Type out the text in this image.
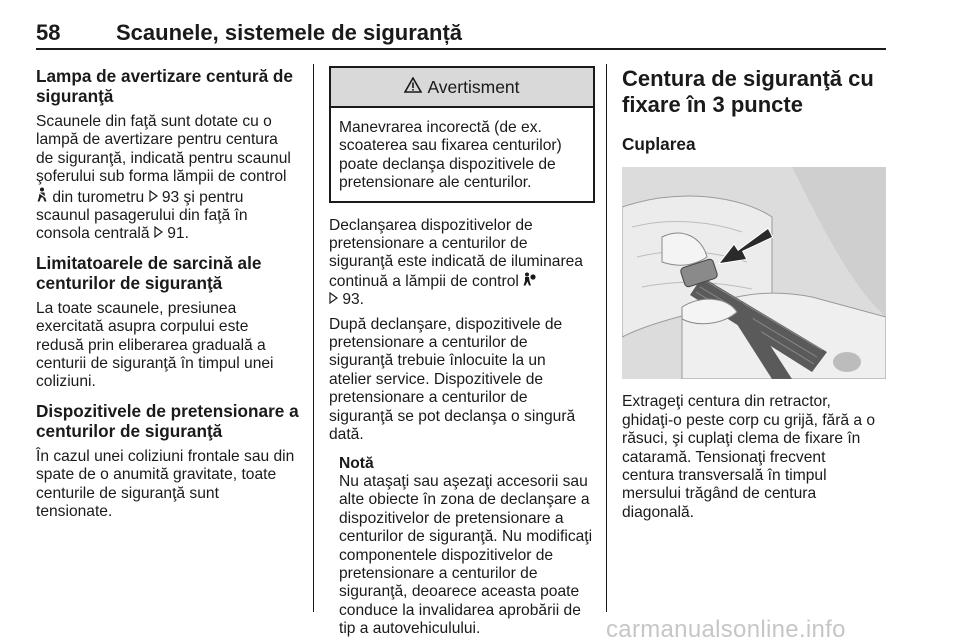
58	Scaunele, sistemele de siguranță
Lampa de avertizare centură de
siguranţă

Scaunele din faţă sunt dotate cu o
lampă de avertizare pentru centura
de siguranţă, indicată pentru scaunul
şoferului sub forma lămpii de control
din turometru  93 şi pentru
scaunul pasagerului din faţă în
consola centrală  91.

Limitatoarele de sarcină ale
centurilor de siguranţă

La toate scaunele, presiunea
exercitată asupra corpului este
redusă prin eliberarea graduală a
centurii de siguranţă în timpul unei
coliziuni.

Dispozitivele de pretensionare a
centurilor de siguranţă

În cazul unei coliziuni frontale sau din
spate de o anumită gravitate, toate
centurile de siguranţă sunt
tensionate.

Avertisment

Manevrarea incorectă (de ex.
scoaterea sau fixarea centurilor)
poate declanşa dispozitivele de
pretensionare ale centurilor.

Declanşarea dispozitivelor de
pretensionare a centurilor de
siguranţă este indicată de iluminarea
continuă a lămpii de control
93.

După declanşare, dispozitivele de
pretensionare a centurilor de
siguranţă trebuie înlocuite la un
atelier service. Dispozitivele de
pretensionare a centurilor de
siguranţă se pot declanşa o singură
dată.

Notă

Nu ataşaţi sau aşezaţi accesorii sau
alte obiecte în zona de declanşare a
dispozitivelor de pretensionare a
centurilor de siguranţă. Nu modificaţi
componentele dispozitivelor de
pretensionare a centurilor de
siguranţă, deoarece aceasta poate
conduce la invalidarea aprobării de
tip a autovehiculului.

Centura de siguranţă cu
fixare în 3 puncte
Cuplarea

Extrageţi centura din retractor,
ghidaţi-o peste corp cu grijă, fără a o
răsuci, şi cuplaţi clema de fixare în
cataramă. Tensionaţi frecvent
centura transversală în timpul
mersului trăgând de centura
diagonală.

carmanualsonline.info
